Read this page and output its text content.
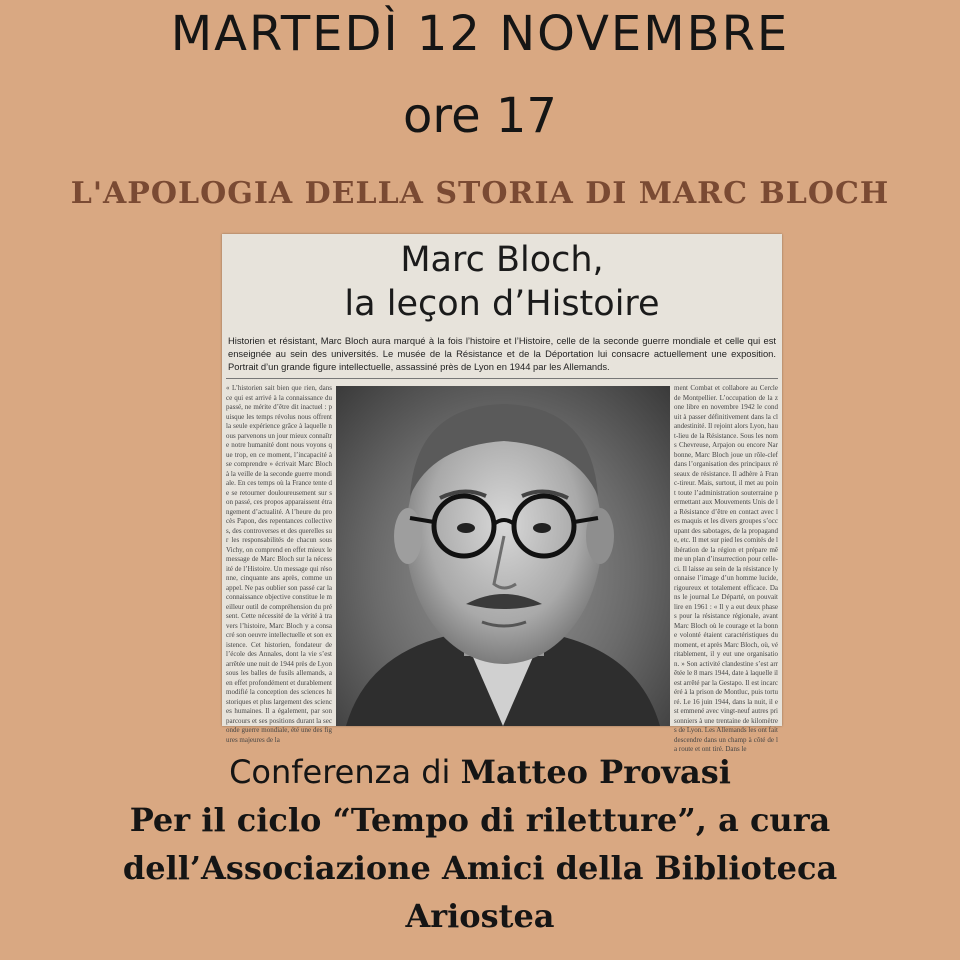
MARTEDÌ 12 NOVEMBRE
ore 17
L'APOLOGIA DELLA STORIA DI MARC BLOCH
Marc Bloch,
la leçon d’Histoire
Historien et résistant, Marc Bloch aura marqué à la fois l’histoire et l’Histoire, celle de la seconde guerre mondiale et celle qui est enseignée au sein des universités. Le musée de la Résistance et de la Déportation lui consacre actuellement une exposition. Portrait d’un grande figure intellectuelle, assassiné près de Lyon en 1944 par les Allemands.
« L’historien sait bien que rien, dans ce qui est arrivé à la connaissance du passé, ne mérite d’être dit inactuel : puisque les temps révolus nous offrent la seule expérience grâce à laquelle nous parvenons un jour mieux connaître notre humanité dont nous voyons que trop, en ce moment, l’incapacité à se comprendre » écrivait Marc Bloch à la veille de la seconde guerre mondiale. En ces temps où la France tente de se retourner douloureusement sur son passé, ces propos apparaissent étrangement d’actualité. A l’heure du procès Papon, des repentances collectives, des controverses et des querelles sur les responsabilités de chacun sous Vichy, on comprend en effet mieux le message de Marc Bloch sur la nécessité de l’Histoire. Un message qui résonne, cinquante ans après, comme un appel. Ne pas oublier son passé car la connaissance objective constitue le meilleur outil de compréhension du présent. Cette nécessité de la vérité à travers l’histoire, Marc Bloch y a consacré son oeuvre intellectuelle et son existence. Cet historien, fondateur de l’école des Annales, dont la vie s’est arrêtée une nuit de 1944 près de Lyon sous les balles de fusils allemands, a en effet profondément et durablement modifié la conception des sciences historiques et plus largement des sciences humaines. Il a également, par son parcours et ses positions durant la seconde guerre mondiale, été une des figures majeures de la
ment Combat et collabore au Cercle de Montpellier. L’occupation de la zone libre en novembre 1942 le conduit à passer définitivement dans la clandestinité. Il rejoint alors Lyon, haut-lieu de la Résistance. Sous les noms Chevreuse, Arpajon ou encore Narbonne, Marc Bloch joue un rôle-clef dans l’organisation des principaux réseaux de résistance. Il adhère à Franc-tireur. Mais, surtout, il met au point toute l’administration souterraine permettant aux Mouvements Unis de la Résistance d’être en contact avec les maquis et les divers groupes s’occupant des sabotages, de la propagande, etc. Il met sur pied les comités de libération de la région et prépare même un plan d’insurrection pour celle-ci. Il laisse au sein de la résistance lyonnaise l’image d’un homme lucide, rigoureux et totalement efficace. Dans le journal Le Départé, on pouvait lire en 1961 : « Il y a eut deux phases pour la résistance régionale, avant Marc Bloch où le courage et la bonne volonté étaient caractéristiques du moment, et après Marc Bloch, où, véritablement, il y eut une organisation. » Son activité clandestine s’est arrêtée le 8 mars 1944, date à laquelle il est arrêté par la Gestapo. Il est incarcéré à la prison de Montluc, puis torturé. Le 16 juin 1944, dans la nuit, il est emmené avec vingt-neuf autres prisonniers à une trentaine de kilomètres de Lyon. Les Allemands les ont fait descendre dans un champ à côté de la route et ont tiré. Dans le
Conferenza di Matteo Provasi
Per il ciclo “Tempo di riletture”, a cura
dell’Associazione Amici della Biblioteca
Ariostea
